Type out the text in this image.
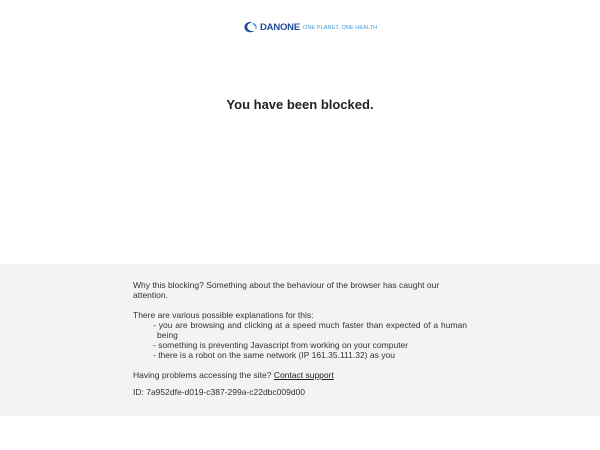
DANONE ONE PLANET. ONE HEALTH
You have been blocked.

Why this blocking? Something about the behaviour of the browser has caught our attention.

There are various possible explanations for this:

- you are browsing and clicking at a speed much faster than expected of a human being
- something is preventing Javascript from working on your computer
- there is a robot on the same network (IP 161.35.111.32) as you

Having problems accessing the site? Contact support

ID: 7a952dfe-d019-c387-299a-c22dbc009d00
